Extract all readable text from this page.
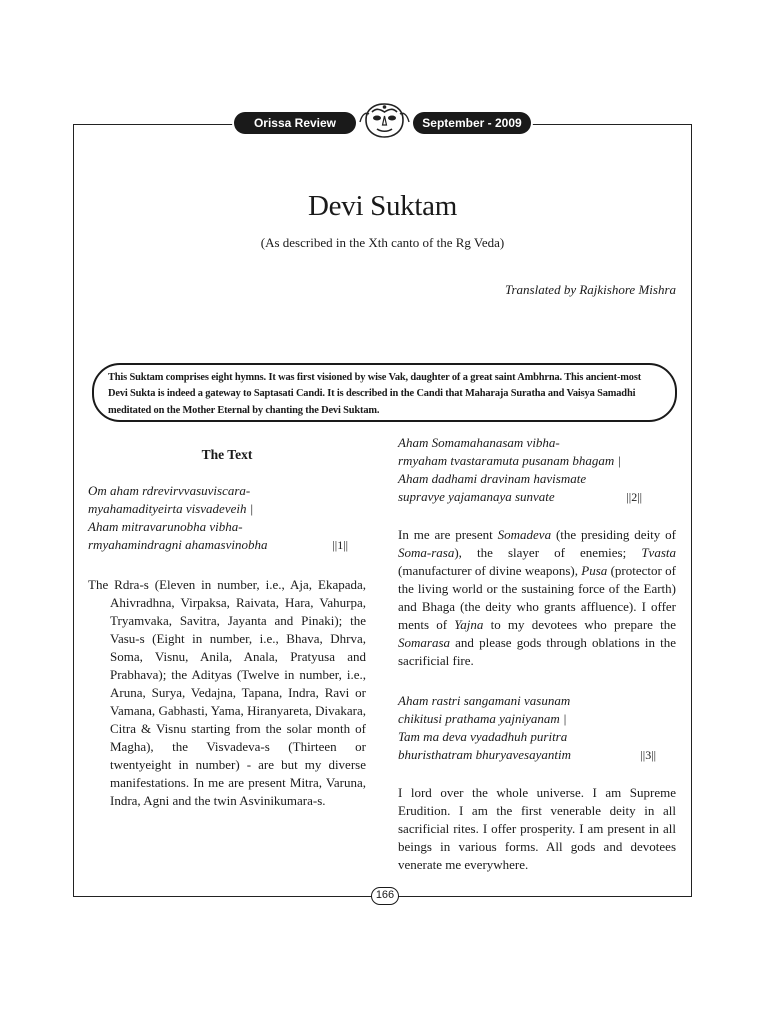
Orissa Review	September - 2009
Devi Suktam
(As described in the Xth canto of the Rg Veda)
Translated by Rajkishore Mishra
This Suktam comprises eight hymns. It was first visioned by wise Vak, daughter of a great saint Ambhrna. This ancient-most Devi Sukta is indeed a gateway to Saptasati Candi. It is described in the Candi that Maharaja Suratha and Vaisya Samadhi meditated on the Mother Eternal by chanting the Devi Suktam.
The Text
Om aham rdrevirvvasuviscara-
myahamadityeirta visvadeveih |
Aham mitravarunobha vibha-
rmyahamindragni ahamasvinobha	||1||

The Rdra-s (Eleven in number, i.e., Aja, Ekapada, Ahivradhna, Virpaksa, Raivata, Hara, Vahurpa, Tryamvaka, Savitra, Jayanta and Pinaki); the Vasu-s (Eight in number, i.e., Bhava, Dhrva, Soma, Visnu, Anila, Anala, Pratyusa and Prabhava); the Adityas (Twelve in number, i.e., Aruna, Surya, Vedajna, Tapana, Indra, Ravi or Vamana, Gabhasti, Yama, Hiranyareta, Divakara, Citra & Visnu starting from the solar month of Magha), the Visvadeva-s (Thirteen or twentyeight in number) - are but my diverse manifestations. In me are present Mitra, Varuna, Indra, Agni and the twin Asvinikumara-s.

Aham Somamahanasam vibha-
rmyaham tvastaramuta pusanam bhagam |
Aham dadhami dravinam havismate
supravye yajamanaya sunvate	||2||

In me are present Somadeva (the presiding deity of Soma-rasa), the slayer of enemies; Tvasta (manufacturer of divine weapons), Pusa (protector of the living world or the sustaining force of the Earth) and Bhaga (the deity who grants affluence). I offer ments of Yajna to my devotees who prepare the Somarasa and please gods through oblations in the sacrificial fire.

Aham rastri sangamani vasunam
chikitusi prathama yajniyanam |
Tam ma deva vyadadhuh puritra
bhuristhatram bhuryavesayantim	||3||

I lord over the whole universe. I am Supreme Erudition. I am the first venerable deity in all sacrificial rites. I offer prosperity. I am present in all beings in various forms. All gods and devotees venerate me everywhere.

166
